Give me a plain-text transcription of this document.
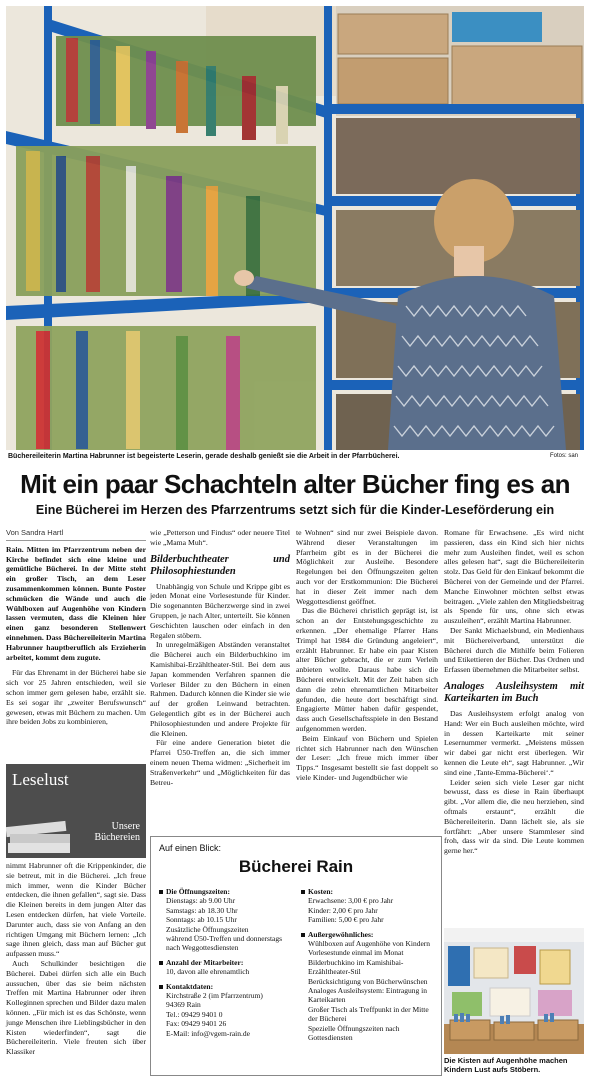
Büchereileiterin Martina Habrunner ist begeisterte Leserin, gerade deshalb genießt sie die Arbeit in der Pfarrbücherei.	Fotos: san
Mit ein paar Schachteln alter Bücher fing es an
Eine Bücherei im Herzen des Pfarrzentrums setzt sich für die Kinder-Leseförderung ein
Von Sandra Hartl

Rain. Mitten im Pfarrzentrum neben der Kirche befindet sich eine kleine und gemütliche Bücherei. In der Mitte steht ein großer Tisch, an dem Leser zusammenkommen können. Bunte Poster schmücken die Wände und auch die Wühlboxen auf Augenhöhe von Kindern lassen vermuten, dass die Kleinen hier einen ganz besonderen Stellenwert einnehmen. Dass Büchereileiterin Martina Habrunner hauptberuflich als Erzieherin arbeitet, kommt dem zugute.

Für das Ehrenamt in der Bücherei habe sie sich vor 25 Jahren entschieden, weil sie schon immer gern gelesen habe, erzählt sie. Es sei sogar ihr „zweiter Berufswunsch“ gewesen, etwas mit Büchern zu machen. Um ihre beiden Jobs zu kombinieren,

Leselust
Unsere
Büchereien

nimmt Habrunner oft die Krippenkinder, die sie betreut, mit in die Bücherei. „Ich freue mich immer, wenn die Kinder Bücher entdecken, die ihnen gefallen“, sagt sie. Dass die Kleinen bereits in dem jungen Alter das Lesen entdecken dürfen, hat viele Vorteile. Darunter auch, dass sie von Anfang an den richtigen Umgang mit Büchern lernen: „Ich sage ihnen gleich, dass man auf Bücher gut aufpassen muss.“

Auch Schulkinder besichtigen die Bücherei. Dabei dürfen sich alle ein Buch aussuchen, über das sie beim nächsten Treffen mit Martina Habrunner oder ihren Kolleginnen sprechen und Bilder dazu malen können. „Für mich ist es das Schönste, wenn junge Menschen ihre Lieblingsbücher in den Kisten wiederfinden“, sagt die Büchereileiterin. Viele freuten sich über Klassiker

wie „Petterson und Findus“ oder neuere Titel wie „Mama Muh“.

Bilderbuchtheater und Philosophiestunden

Unabhängig von Schule und Krippe gibt es jeden Monat eine Vorlesestunde für Kinder. Die sogenannten Bücherzwerge sind in zwei Gruppen, je nach Alter, unterteilt. Sie können Geschichten lauschen oder einfach in den Regalen stöbern.

In unregelmäßigen Abständen veranstaltet die Bücherei auch ein Bilderbuchkino im Kamishibai-Erzähltheater-Stil. Bei dem aus Japan kommenden Verfahren spannen die Vorleser Bilder zu den Büchern in einen Rahmen. Dadurch können die Kinder sie wie auf der großen Leinwand betrachten. Gelegentlich gibt es in der Bücherei auch Philosophiestunden und andere Projekte für die Kleinen.

Für eine andere Generation bietet die Pfarrei Ü50-Treffen an, die sich immer einem neuen Thema widmen: „Sicherheit im Straßenverkehr“ und „Möglichkeiten für das Betreu-

te Wohnen“ sind nur zwei Beispiele davon. Während dieser Veranstaltungen im Pfarrheim gibt es in der Bücherei die Möglichkeit zur Ausleihe. Besondere Regelungen bei den Öffnungszeiten gelten auch vor der Erstkommunion: Die Bücherei hat in dieser Zeit immer nach dem Weggottesdienst geöffnet.

Das die Bücherei christlich geprägt ist, ist schon an der Entstehungsgeschichte zu erkennen. „Der ehemalige Pfarrer Hans Trimpl hat 1984 die Gründung angeleiert“, erzählt Habrunner. Er habe ein paar Kisten alter Bücher gebracht, die er zum Verleih anbieten wollte. Daraus habe sich die Bücherei entwickelt. Mit der Zeit haben sich dann die zehn ehrenamtlichen Mitarbeiter gefunden, die heute dort beschäftigt sind. Engagierte Mütter haben dafür gespendet, dass auch Gesellschaftsspiele in den Bestand aufgenommen werden.

Beim Einkauf von Büchern und Spielen richtet sich Habrunner nach den Wünschen der Leser: „Ich freue mich immer über Tipps.“ Insgesamt bestellt sie fast doppelt so viele Kinder- und Jugendbücher wie

Romane für Erwachsene. „Es wird nicht passieren, dass ein Kind sich hier nichts mehr zum Ausleihen findet, weil es schon alles gelesen hat“, sagt die Büchereileiterin stolz. Das Geld für den Einkauf bekommt die Bücherei von der Gemeinde und der Pfarrei. Manche Einwohner möchten selbst etwas beitragen. „Viele zahlen den Mitgliedsbeitrag als Spende für uns, ohne sich etwas auszuleihen“, erzählt Martina Habrunner.

Der Sankt Michaelsbund, ein Medienhaus mit Büchereiverband, unterstützt die Bücherei durch die Mithilfe beim Folieren und Etikettieren der Bücher. Das Ordnen und Erfassen übernehmen die Mitarbeiter selbst.

Analoges Ausleihsystem mit Karteikarten im Buch

Das Ausleihsystem erfolgt analog von Hand: Wer ein Buch ausleihen möchte, wird in dessen Karteikarte mit seiner Lesernummer vermerkt. „Meistens müssen wir dabei gar nicht erst überlegen. Wir kennen die Leute eh“, sagt Habrunner. „Wir sind eine ‚Tante-Emma-Bücherei‘.“

Leider seien sich viele Leser gar nicht bewusst, dass es diese in Rain überhaupt gibt. „Vor allem die, die neu herziehen, sind oftmals erstaunt“, erzählt die Büchereileiterin. Dann lächelt sie, als sie fortfährt: „Aber unsere Stammleser sind froh, dass wir da sind. Die Leute kommen gerne her.“

Auf einen Blick:
Bücherei Rain
Die Öffnungszeiten:
Dienstags: ab 9.00 Uhr
Samstags: ab 18.30 Uhr
Sonntags: ab 10.15 Uhr
Zusätzliche Öffnungszeiten
während Ü50-Treffen und donnerstags nach Weggottesdiensten
Anzahl der Mitarbeiter:
10, davon alle ehrenamtlich
Kontaktdaten:
Kirchstraße 2 (im Pfarrzentrum)
94369 Rain
Tel.: 09429 9401 0
Fax: 09429 9401 26
E-Mail: info@vgem-rain.de
Kosten:
Erwachsene: 3,00 € pro Jahr
Kinder: 2,00 € pro Jahr
Familien: 5,00 € pro Jahr
Außergewöhnliches:
Wühlboxen auf Augenhöhe von Kindern
Vorlesestunde einmal im Monat
Bilderbuchkino im Kamishibai-Erzähltheater-Stil
Berücksichtigung von Bücherwünschen
Analoges Ausleihsystem: Eintragung in Karteikarten
Großer Tisch als Treffpunkt in der Mitte der Bücherei
Spezielle Öffnungszeiten nach Gottesdiensten
Die Kisten auf Augenhöhe machen Kindern Lust aufs Stöbern.
